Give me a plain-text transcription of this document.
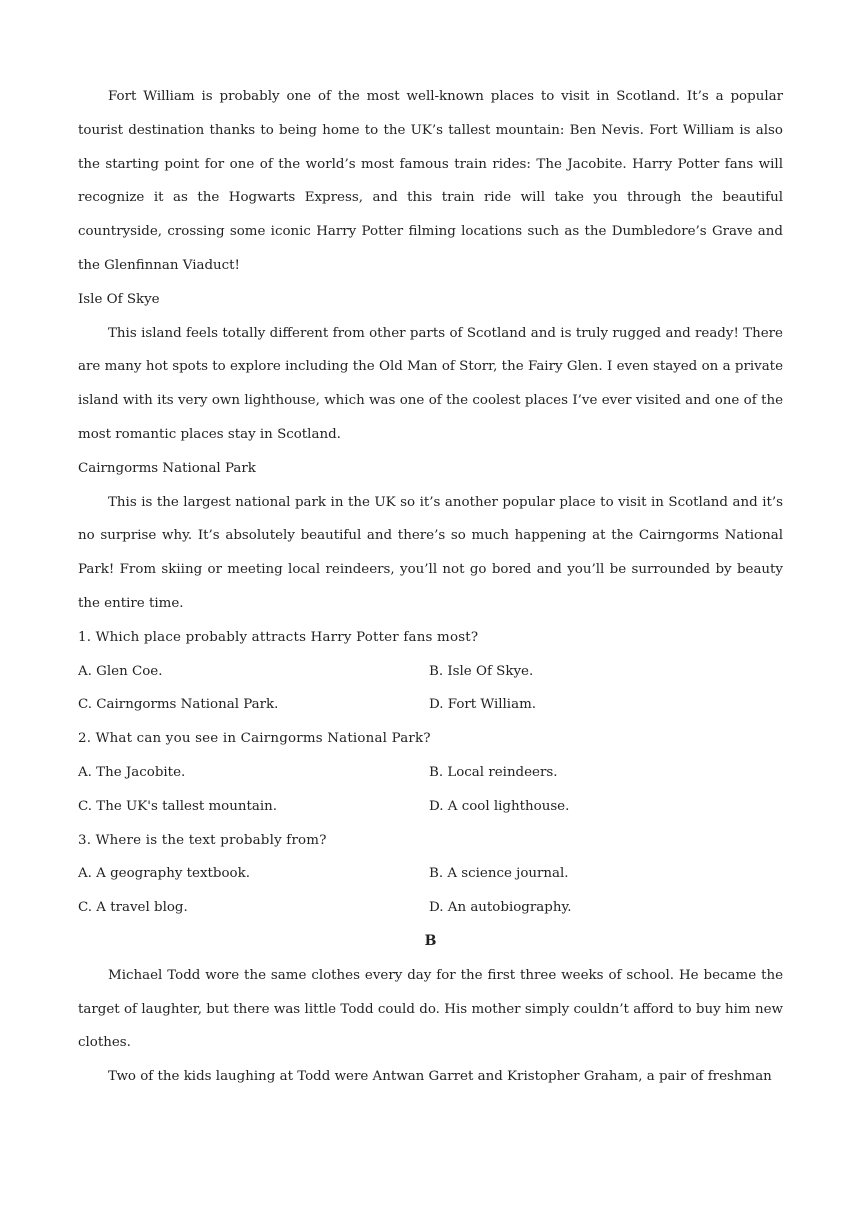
Fort William is probably one of the most well-known places to visit in Scotland. It’s a popular tourist destination thanks to being home to the UK’s tallest mountain: Ben Nevis. Fort William is also the starting point for one of the world’s most famous train rides: The Jacobite. Harry Potter fans will recognize it as the Hogwarts Express, and this train ride will take you through the beautiful countryside, crossing some iconic Harry Potter filming locations such as the Dumbledore’s Grave and the Glenfinnan Viaduct!
Isle Of Skye
This island feels totally different from other parts of Scotland and is truly rugged and ready! There are many hot spots to explore including the Old Man of Storr, the Fairy Glen. I even stayed on a private island with its very own lighthouse, which was one of the coolest places I’ve ever visited and one of the most romantic places stay in Scotland.
Cairngorms National Park
This is the largest national park in the UK so it’s another popular place to visit in Scotland and it’s no surprise why. It’s absolutely beautiful and there’s so much happening at the Cairngorms National Park! From skiing or meeting local reindeers, you’ll not go bored and you’ll be surrounded by beauty the entire time.
1. Which place probably attracts Harry Potter fans most?
A. Glen Coe.	B. Isle Of Skye.
C. Cairngorms National Park.	D. Fort William.
2. What can you see in Cairngorms National Park?
A. The Jacobite.	B. Local reindeers.
C. The UK's tallest mountain.	D. A cool lighthouse.
3. Where is the text probably from?
A. A geography textbook.	B. A science journal.
C. A travel blog.	D. An autobiography.
B
Michael Todd wore the same clothes every day for the first three weeks of school. He became the target of laughter, but there was little Todd could do. His mother simply couldn’t afford to buy him new clothes.
Two of the kids laughing at Todd were Antwan Garret and Kristopher Graham, a pair of freshman
